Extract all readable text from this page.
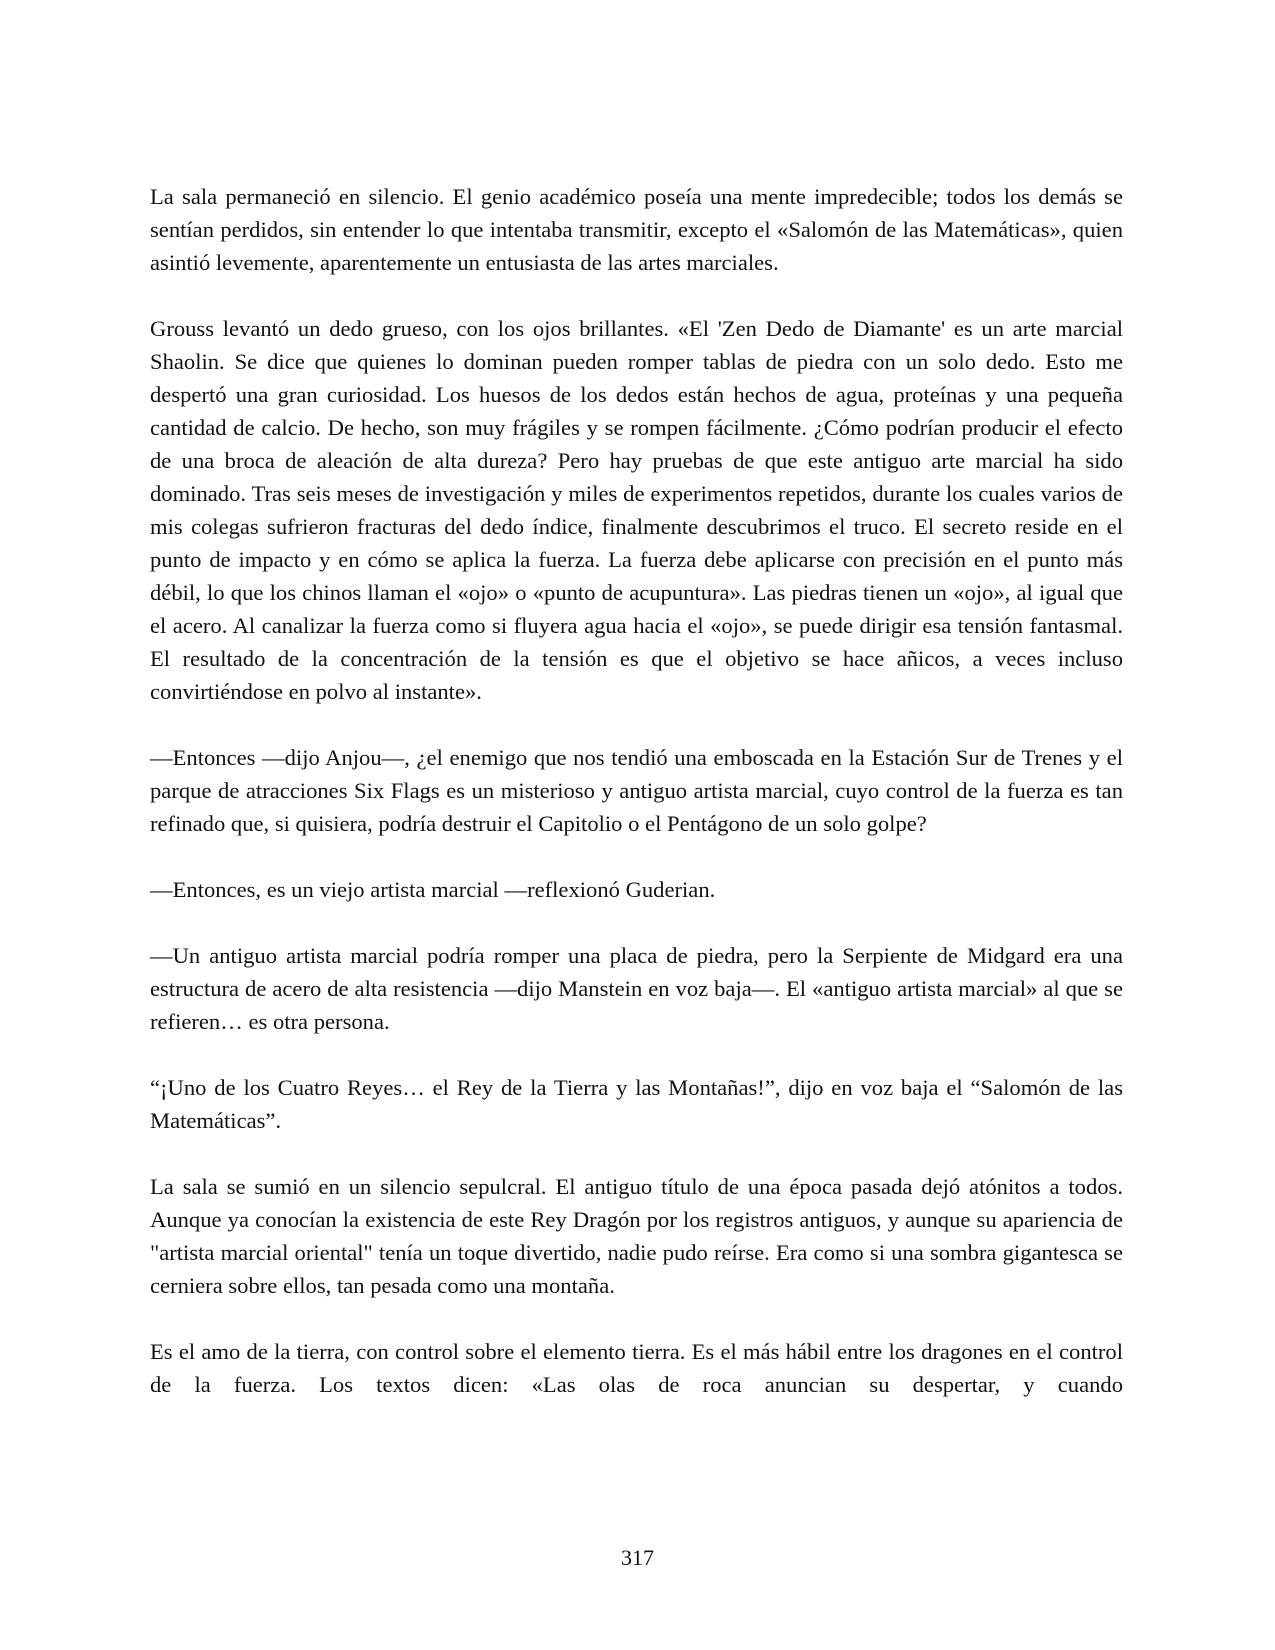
La sala permaneció en silencio. El genio académico poseía una mente impredecible; todos los demás se sentían perdidos, sin entender lo que intentaba transmitir, excepto el «Salomón de las Matemáticas», quien asintió levemente, aparentemente un entusiasta de las artes marciales.

Grouss levantó un dedo grueso, con los ojos brillantes. «El 'Zen Dedo de Diamante' es un arte marcial Shaolin. Se dice que quienes lo dominan pueden romper tablas de piedra con un solo dedo. Esto me despertó una gran curiosidad. Los huesos de los dedos están hechos de agua, proteínas y una pequeña cantidad de calcio. De hecho, son muy frágiles y se rompen fácilmente. ¿Cómo podrían producir el efecto de una broca de aleación de alta dureza? Pero hay pruebas de que este antiguo arte marcial ha sido dominado. Tras seis meses de investigación y miles de experimentos repetidos, durante los cuales varios de mis colegas sufrieron fracturas del dedo índice, finalmente descubrimos el truco. El secreto reside en el punto de impacto y en cómo se aplica la fuerza. La fuerza debe aplicarse con precisión en el punto más débil, lo que los chinos llaman el «ojo» o «punto de acupuntura». Las piedras tienen un «ojo», al igual que el acero. Al canalizar la fuerza como si fluyera agua hacia el «ojo», se puede dirigir esa tensión fantasmal. El resultado de la concentración de la tensión es que el objetivo se hace añicos, a veces incluso convirtiéndose en polvo al instante».

—Entonces —dijo Anjou—, ¿el enemigo que nos tendió una emboscada en la Estación Sur de Trenes y el parque de atracciones Six Flags es un misterioso y antiguo artista marcial, cuyo control de la fuerza es tan refinado que, si quisiera, podría destruir el Capitolio o el Pentágono de un solo golpe?

—Entonces, es un viejo artista marcial —reflexionó Guderian.

—Un antiguo artista marcial podría romper una placa de piedra, pero la Serpiente de Midgard era una estructura de acero de alta resistencia —dijo Manstein en voz baja—. El «antiguo artista marcial» al que se refieren… es otra persona.

“¡Uno de los Cuatro Reyes… el Rey de la Tierra y las Montañas!”, dijo en voz baja el “Salomón de las Matemáticas”.

La sala se sumió en un silencio sepulcral. El antiguo título de una época pasada dejó atónitos a todos. Aunque ya conocían la existencia de este Rey Dragón por los registros antiguos, y aunque su apariencia de "artista marcial oriental" tenía un toque divertido, nadie pudo reírse. Era como si una sombra gigantesca se cerniera sobre ellos, tan pesada como una montaña.

Es el amo de la tierra, con control sobre el elemento tierra. Es el más hábil entre los dragones en el control de la fuerza. Los textos dicen: «Las olas de roca anuncian su despertar, y cuando

317
